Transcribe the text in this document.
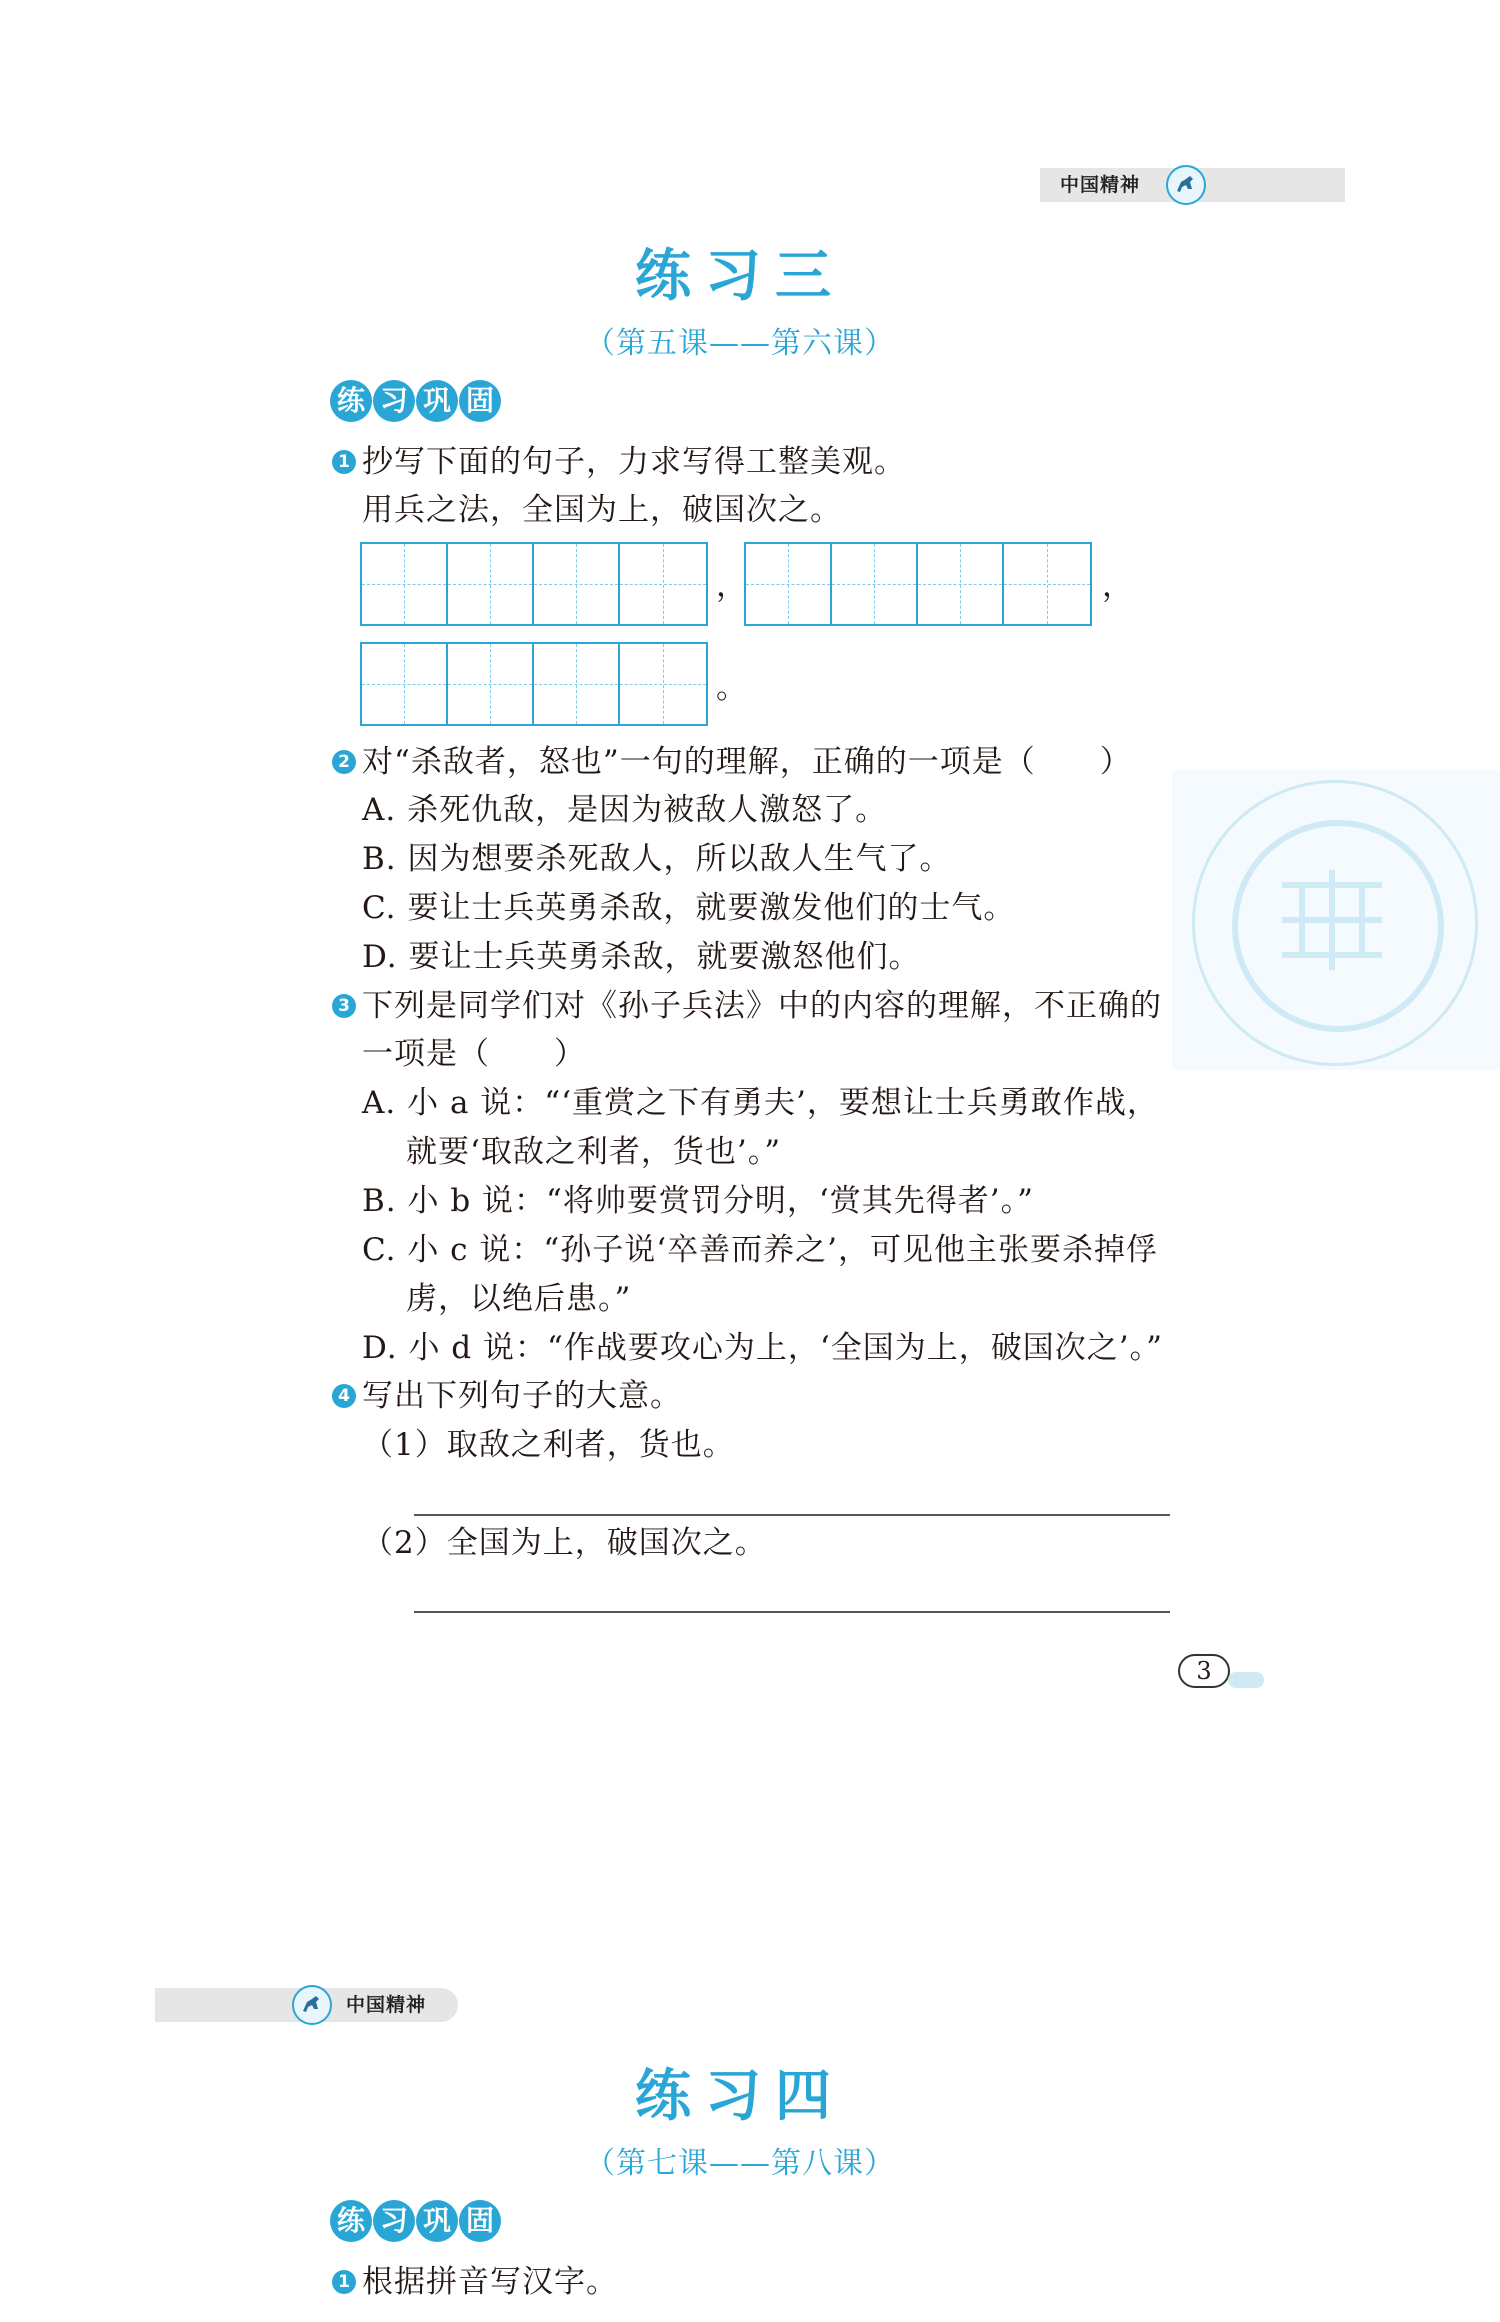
中国精神
练习三
（第五课——第六课）
练 习 巩 固
1 抄写下面的句子，力求写得工整美观。
用兵之法，全国为上，破国次之。
，	，
。
2 对“杀敌者，怒也”一句的理解，正确的一项是（　　）
A. 杀死仇敌，是因为被敌人激怒了。
B. 因为想要杀死敌人，所以敌人生气了。
C. 要让士兵英勇杀敌，就要激发他们的士气。
D. 要让士兵英勇杀敌，就要激怒他们。
3 下列是同学们对《孙子兵法》中的内容的理解，不正确的
一项是（　　）
A. 小 a 说：“‘重赏之下有勇夫’，要想让士兵勇敢作战，
就要‘取敌之利者，货也’。”
B. 小 b 说：“将帅要赏罚分明，‘赏其先得者’。”
C. 小 c 说：“孙子说‘卒善而养之’，可见他主张要杀掉俘
虏，以绝后患。”
D. 小 d 说：“作战要攻心为上，‘全国为上，破国次之’。”
4 写出下列句子的大意。
（1）取敌之利者，货也。
（2）全国为上，破国次之。
3
中国精神
练习四
（第七课——第八课）
练 习 巩 固
1 根据拼音写汉字。
